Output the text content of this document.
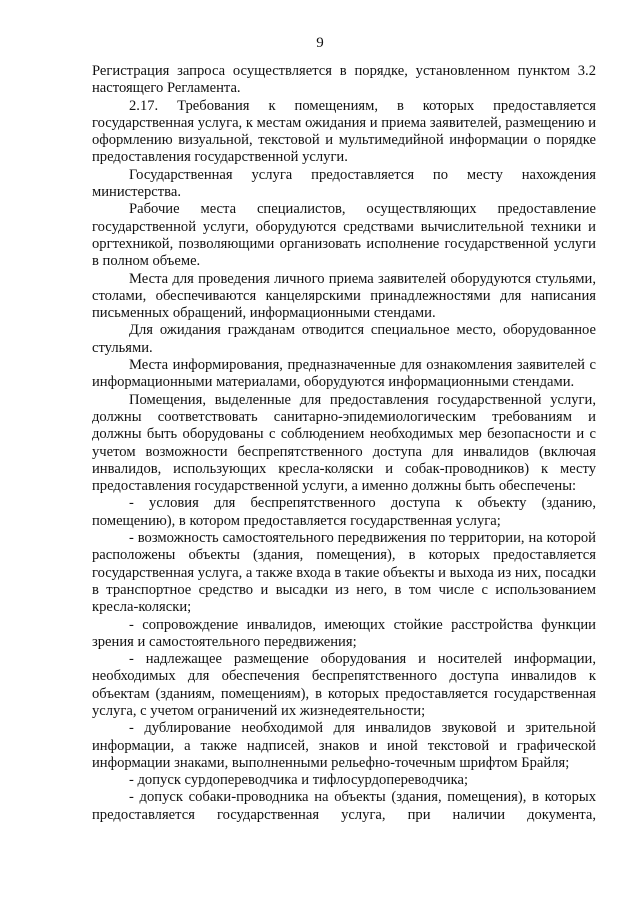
9

Регистрация запроса осуществляется в порядке, установленном пунктом 3.2 настоящего Регламента.

2.17. Требования к помещениям, в которых предоставляется государственная услуга, к местам ожидания и приема заявителей, размещению и оформлению визуальной, текстовой и мультимедийной информации о порядке предоставления государственной услуги.

Государственная услуга предоставляется по месту нахождения министерства.

Рабочие места специалистов, осуществляющих предоставление государственной услуги, оборудуются средствами вычислительной техники и оргтехникой, позволяющими организовать исполнение государственной услуги в полном объеме.

Места для проведения личного приема заявителей оборудуются стульями, столами, обеспечиваются канцелярскими принадлежностями для написания письменных обращений, информационными стендами.

Для ожидания гражданам отводится специальное место, оборудованное стульями.

Места информирования, предназначенные для ознакомления заявителей с информационными материалами, оборудуются информационными стендами.

Помещения, выделенные для предоставления государственной услуги, должны соответствовать санитарно-эпидемиологическим требованиям и должны быть оборудованы с соблюдением необходимых мер безопасности и с учетом возможности беспрепятственного доступа для инвалидов (включая инвалидов, использующих кресла-коляски и собак-проводников) к месту предоставления государственной услуги, а именно должны быть обеспечены:

- условия для беспрепятственного доступа к объекту (зданию, помещению), в котором предоставляется государственная услуга;

- возможность самостоятельного передвижения по территории, на которой расположены объекты (здания, помещения), в которых предоставляется государственная услуга, а также входа в такие объекты и выхода из них, посадки в транспортное средство и высадки из него, в том числе с использованием кресла-коляски;

- сопровождение инвалидов, имеющих стойкие расстройства функции зрения и самостоятельного передвижения;

- надлежащее размещение оборудования и носителей информации, необходимых для обеспечения беспрепятственного доступа инвалидов к объектам (зданиям, помещениям), в которых предоставляется государственная услуга, с учетом ограничений их жизнедеятельности;

- дублирование необходимой для инвалидов звуковой и зрительной информации, а также надписей, знаков и иной текстовой и графической информации знаками, выполненными рельефно-точечным шрифтом Брайля;

- допуск сурдопереводчика и тифлосурдопереводчика;

- допуск собаки-проводника на объекты (здания, помещения), в которых предоставляется государственная услуга, при наличии документа,
